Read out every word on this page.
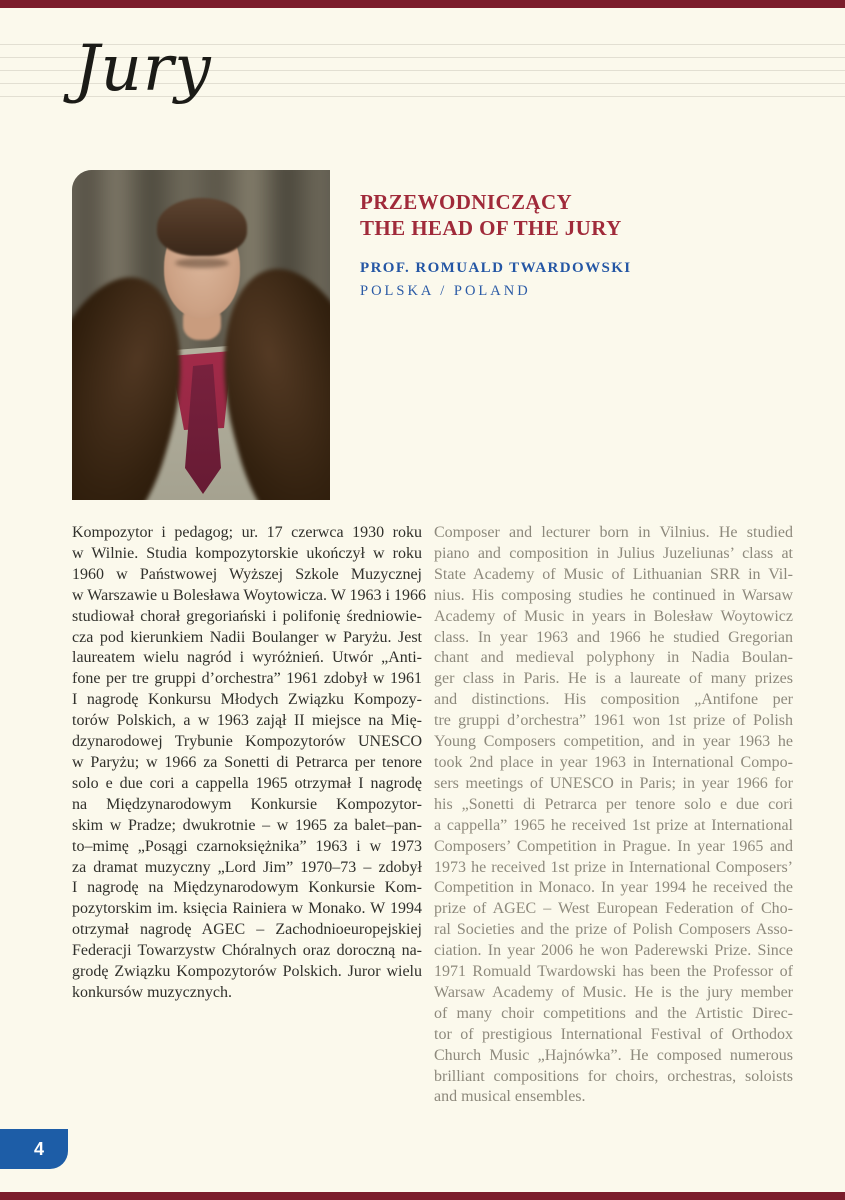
Jury
PRZEWODNICZĄCY
THE HEAD OF THE JURY
PROF. ROMUALD TWARDOWSKI
POLSKA / POLAND
Kompozytor i pedagog; ur. 17 czerwca 1930 roku
w Wilnie. Studia kompozytorskie ukończył w roku
1960 w Państwowej Wyższej Szkole Muzycznej
w Warszawie u Bolesława Woytowicza. W 1963 i 1966
studiował chorał gregoriański i polifonię średniowie-
cza pod kierunkiem Nadii Boulanger w Paryżu. Jest
laureatem wielu nagród i wyróżnień. Utwór „Anti-
fone per tre gruppi d’orchestra” 1961 zdobył w 1961
I nagrodę Konkursu Młodych Związku Kompozy-
torów Polskich, a w 1963 zajął II miejsce na Mię-
dzynarodowej Trybunie Kompozytorów UNESCO
w Paryżu; w 1966 za Sonetti di Petrarca per tenore
solo e due cori a cappella 1965 otrzymał I nagrodę
na Międzynarodowym Konkursie Kompozytor-
skim w Pradze; dwukrotnie – w 1965 za balet–pan-
to–mimę „Posągi czarnoksiężnika” 1963 i w 1973
za dramat muzyczny „Lord Jim” 1970–73 – zdobył
I nagrodę na Międzynarodowym Konkursie Kom-
pozytorskim im. księcia Rainiera w Monako. W 1994
otrzymał nagrodę AGEC – Zachodnioeuropejskiej
Federacji Towarzystw Chóralnych oraz doroczną na-
grodę Związku Kompozytorów Polskich. Juror wielu
konkursów muzycznych.
Composer and lecturer born in Vilnius. He studied
piano and composition in Julius Juzeliunas’ class at
State Academy of Music of Lithuanian SRR in Vil-
nius. His composing studies he continued in Warsaw
Academy of Music in years in Bolesław Woytowicz
class. In year 1963 and 1966 he studied Gregorian
chant and medieval polyphony in Nadia Boulan-
ger class in Paris. He is a laureate of many prizes
and distinctions. His composition „Antifone per
tre gruppi d’orchestra” 1961 won 1st prize of Polish
Young Composers competition, and in year 1963 he
took 2nd place in year 1963 in International Compo-
sers meetings of UNESCO in Paris; in year 1966 for
his „Sonetti di Petrarca per tenore solo e due cori
a cappella” 1965 he received 1st prize at International
Composers’ Competition in Prague. In year 1965 and
1973 he received 1st prize in International Composers’
Competition in Monaco. In year 1994 he received the
prize of AGEC – West European Federation of Cho-
ral Societies and the prize of Polish Composers Asso-
ciation. In year 2006 he won Paderewski Prize. Since
1971 Romuald Twardowski has been the Professor of
Warsaw Academy of Music. He is the jury member
of many choir competitions and the Artistic Direc-
tor of prestigious International Festival of Orthodox
Church Music „Hajnówka”. He composed numerous
brilliant compositions for choirs, orchestras, soloists
and musical ensembles.
4
